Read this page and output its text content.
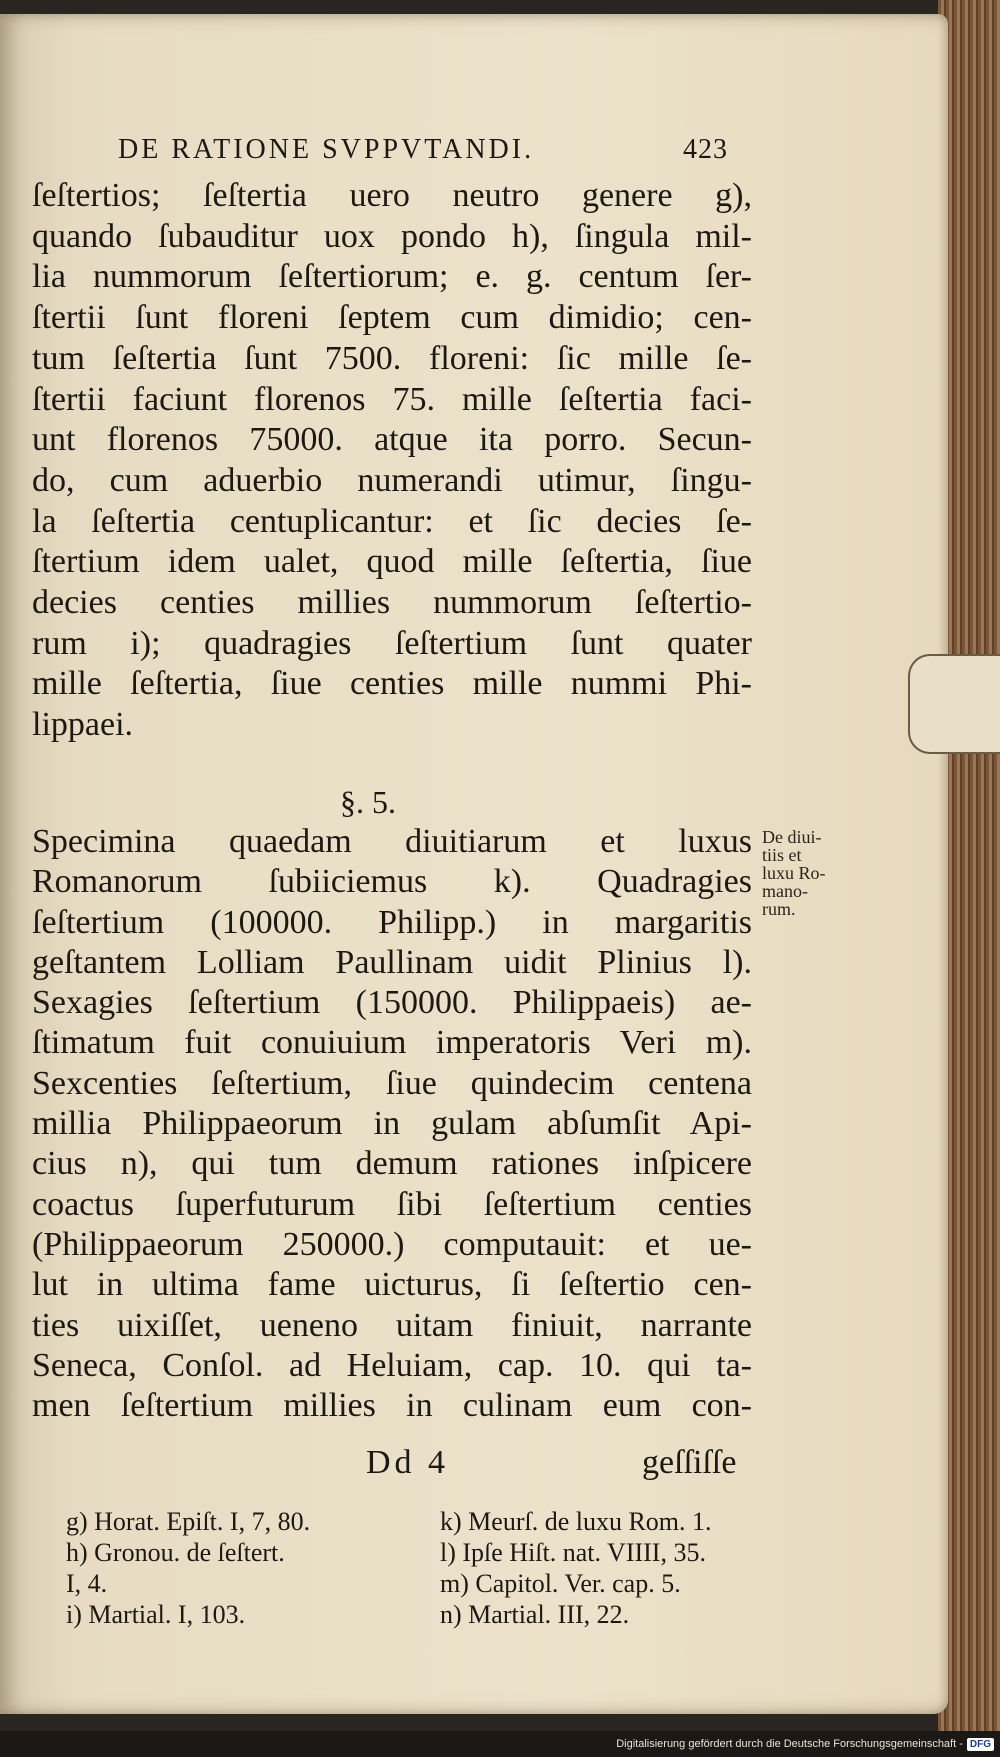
DE RATIONE SVPPVTANDI.	423

ſeſtertios; ſeſtertia uero neutro genere g),

quando ſubauditur uox pondo h), ſingula mil-

lia nummorum ſeſtertiorum; e. g. centum ſer-

ſtertii ſunt floreni ſeptem cum dimidio; cen-

tum ſeſtertia ſunt 7500. floreni: ſic mille ſe-

ſtertii faciunt florenos 75. mille ſeſtertia faci-

unt florenos 75000. atque ita porro. Secun-

do, cum aduerbio numerandi utimur, ſingu-

la ſeſtertia centuplicantur: et ſic decies ſe-

ſtertium idem ualet, quod mille ſeſtertia, ſiue

decies centies millies nummorum ſeſtertio-

rum i); quadragies ſeſtertium ſunt quater

mille ſeſtertia, ſiue centies mille nummi Phi-

lippaei.

§. 5.

Specimina quaedam diuitiarum et luxus

Romanorum ſubiiciemus k). Quadragies

ſeſtertium (100000. Philipp.) in margaritis

geſtantem Lolliam Paullinam uidit Plinius l).

Sexagies ſeſtertium (150000. Philippaeis) ae-

ſtimatum fuit conuiuium imperatoris Veri m).

Sexcenties ſeſtertium, ſiue quindecim centena

millia Philippaeorum in gulam abſumſit Api-

cius n), qui tum demum rationes inſpicere

coactus ſuperfuturum ſibi ſeſtertium centies

(Philippaeorum 250000.) computauit: et ue-

lut in ultima fame uicturus, ſi ſeſtertio cen-

ties uixiſſet, ueneno uitam finiuit, narrante

Seneca, Conſol. ad Heluiam, cap. 10. qui ta-

men ſeſtertium millies in culinam eum con-

De diui-
tiis et
luxu Ro-
mano-
rum.
Dd 4	geſſiſſe

g) Horat. Epiſt. I, 7, 80.

h) Gronou. de ſeſtert.

I, 4.

i) Martial. I, 103.

k) Meurſ. de luxu Rom. 1.

l) Ipſe Hiſt. nat. VIIII, 35.

m) Capitol. Ver. cap. 5.

n) Martial. III, 22.

Digitalisierung gefördert durch die Deutsche Forschungsgemeinschaft - DFG
